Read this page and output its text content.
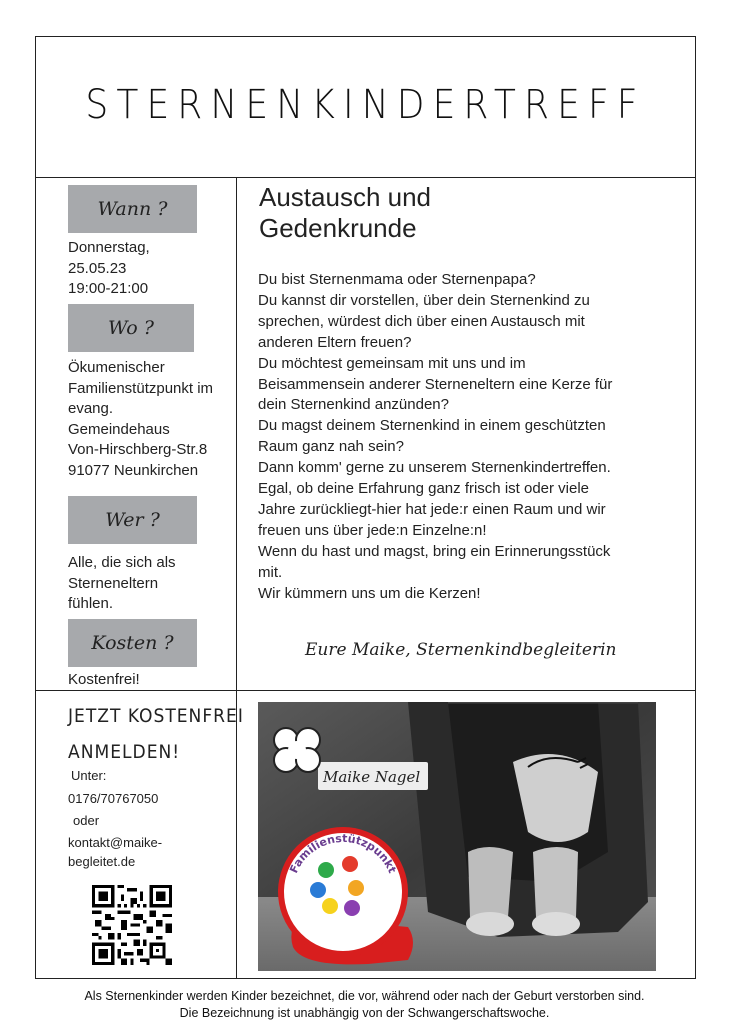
STERNENKINDERTREFF
Wann ?
Donnerstag,
25.05.23
19:00-21:00
Wo ?
Ökumenischer
Familienstützpunkt im
evang.
Gemeindehaus
Von-Hirschberg-Str.8
91077 Neunkirchen
Wer ?
Alle, die sich als
Sterneneltern
fühlen.
Kosten ?
Kostenfrei!
Austausch und
Gedenkrunde
Du bist Sternenmama oder Sternenpapa?
Du kannst dir vorstellen, über dein Sternenkind zu
sprechen, würdest dich über einen Austausch mit
anderen Eltern freuen?
Du möchtest gemeinsam mit uns und im
Beisammensein anderer Sterneneltern eine Kerze für
dein Sternenkind anzünden?
Du magst deinem Sternenkind in einem geschützten
Raum ganz nah sein?
Dann komm' gerne zu unserem Sternenkindertreffen.
Egal, ob deine Erfahrung ganz frisch ist oder viele
Jahre zurückliegt-hier hat jede:r einen Raum und wir
freuen uns über jede:n Einzelne:n!
Wenn du hast und magst, bring ein Erinnerungsstück
mit.
Wir kümmern uns um die Kerzen!
Eure Maike, Sternenkindbegleiterin
JETZT KOSTENFREI
ANMELDEN!
Unter:
0176/70767050
oder
kontakt@maike-
begleitet.de
Familienstützpunkt
Maike Nagel
Als Sternenkinder werden Kinder bezeichnet, die vor, während oder nach der Geburt verstorben sind.
Die Bezeichnung ist unabhängig von der Schwangerschaftswoche.
